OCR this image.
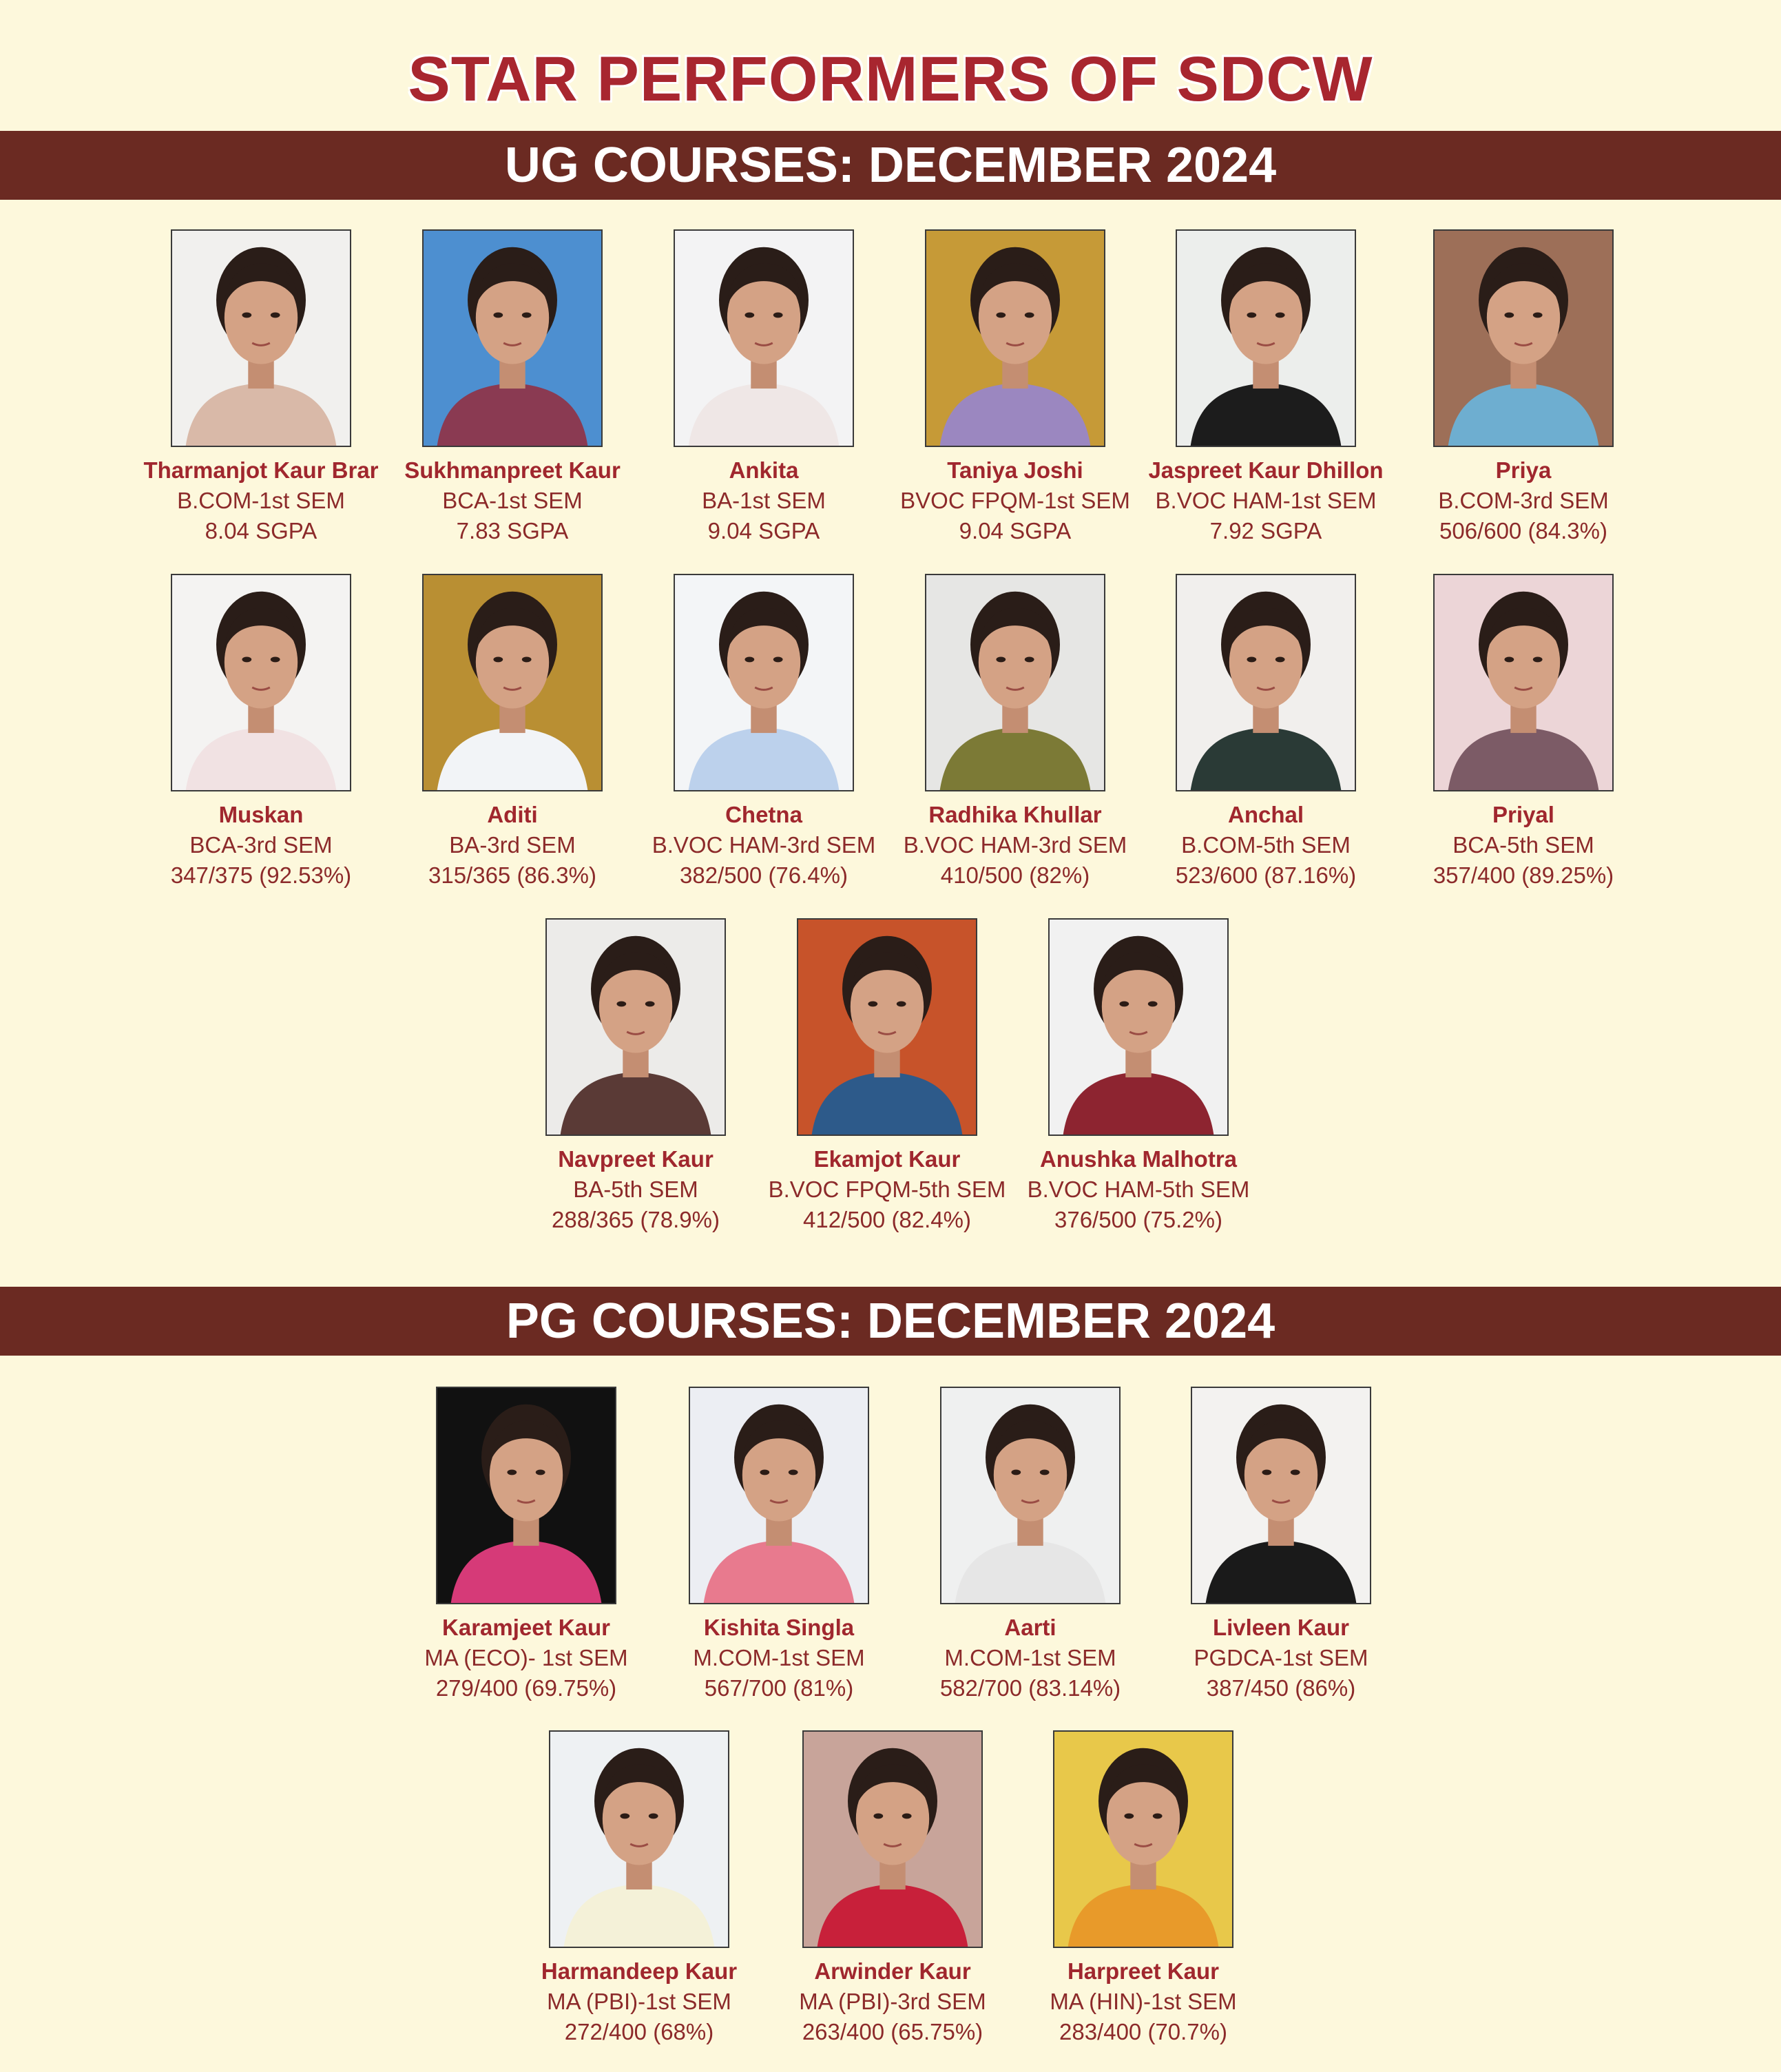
STAR PERFORMERS OF SDCW
UG COURSES: DECEMBER 2024
PG COURSES: DECEMBER 2024
Tharmanjot Kaur Brar
B.COM-1st SEM
8.04 SGPA
Sukhmanpreet Kaur
BCA-1st SEM
7.83 SGPA
Ankita
BA-1st SEM
9.04 SGPA
Taniya Joshi
BVOC FPQM-1st SEM
9.04 SGPA
Jaspreet Kaur Dhillon
B.VOC HAM-1st SEM
7.92 SGPA
Priya
B.COM-3rd SEM
506/600 (84.3%)
Muskan
BCA-3rd SEM
347/375 (92.53%)
Aditi
BA-3rd SEM
315/365 (86.3%)
Chetna
B.VOC HAM-3rd SEM
382/500 (76.4%)
Radhika Khullar
B.VOC HAM-3rd SEM
410/500 (82%)
Anchal
B.COM-5th SEM
523/600 (87.16%)
Priyal
BCA-5th SEM
357/400 (89.25%)
Navpreet Kaur
BA-5th SEM
288/365 (78.9%)
Ekamjot Kaur
B.VOC FPQM-5th SEM
412/500 (82.4%)
Anushka Malhotra
B.VOC HAM-5th SEM
376/500 (75.2%)
Karamjeet Kaur
MA (ECO)- 1st SEM
279/400 (69.75%)
Kishita Singla
M.COM-1st SEM
567/700 (81%)
Aarti
M.COM-1st SEM
582/700 (83.14%)
Livleen Kaur
PGDCA-1st SEM
387/450 (86%)
Harmandeep Kaur
MA (PBI)-1st SEM
272/400 (68%)
Arwinder Kaur
MA (PBI)-3rd SEM
263/400 (65.75%)
Harpreet Kaur
MA (HIN)-1st SEM
283/400 (70.7%)
